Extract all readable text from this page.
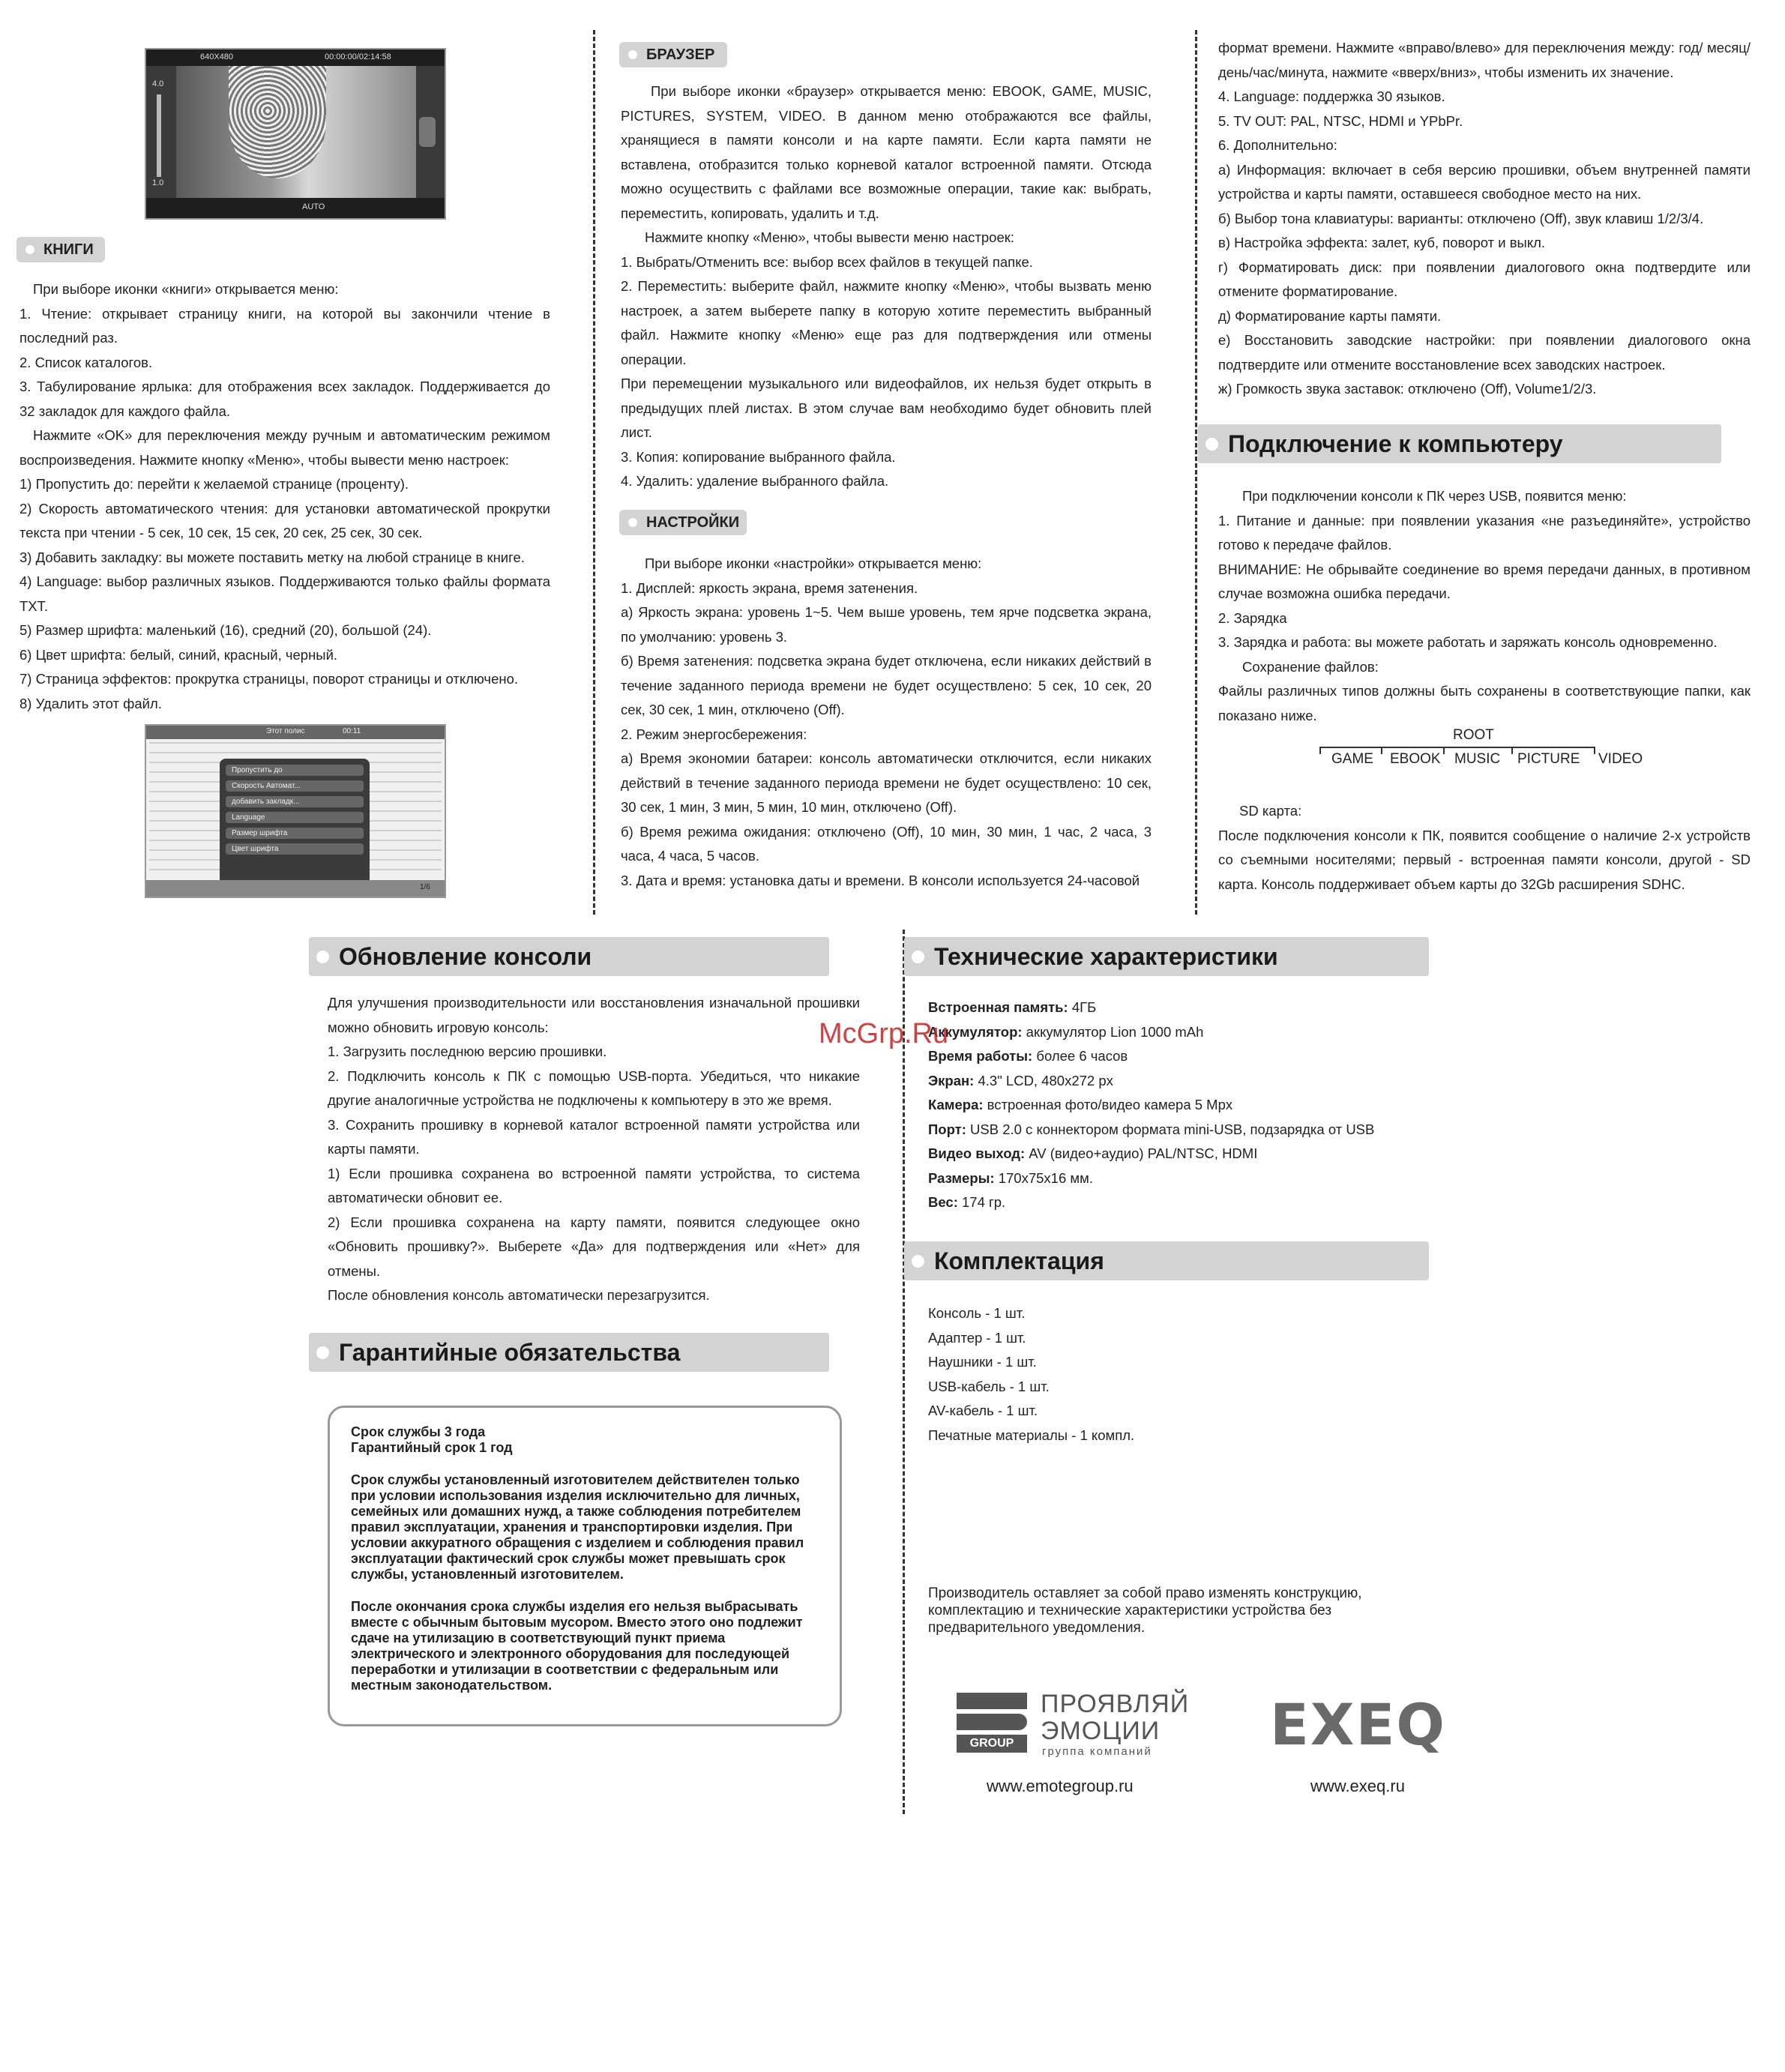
640X480	00:00:00/02:14:58
4.0
1.0
AUTO
КНИГИ
При выборе иконки «книги» открывается меню:
1. Чтение: открывает страницу книги, на которой вы закончили чтение в последний раз.
2. Список каталогов.
3. Табулирование ярлыка: для отображения всех закладок. Поддерживается до 32 закладок для каждого файла.
Нажмите «OK» для переключения между ручным и автоматическим режимом воспроизведения. Нажмите кнопку «Меню», чтобы вывести меню настроек:
1) Пропустить до: перейти к желаемой странице (проценту).
2) Скорость автоматического чтения: для установки автоматической прокрутки текста при чтении - 5 сек, 10 сек, 15 сек, 20 сек, 25 сек, 30 сек.
3) Добавить закладку: вы можете поставить метку на любой странице в книге.
4) Language: выбор различных языков. Поддерживаются только файлы формата TXT.
5) Размер шрифта: маленький (16), средний (20), большой (24).
6) Цвет шрифта: белый, синий, красный, черный.
7) Страница эффектов: прокрутка страницы, поворот страницы и отключено.
8) Удалить этот файл.
Этот полис	00:11
Пропустить до
Скорость Автомат...
добавить закладк...
Language
Размер шрифта
Цвет шрифта
1/6
БРАУЗЕР

При выборе иконки «браузер» открывается меню: EBOOK, GAME, MUSIC, PICTURES, SYSTEM, VIDEO. В данном меню отображаются все файлы, хранящиеся в памяти консоли и на карте памяти. Если карта памяти не вставлена, отобразится только корневой каталог встроенной памяти. Отсюда можно осуществить с файлами все возможные операции, такие как: выбрать, переместить, копировать, удалить и т.д.

Нажмите кнопку «Меню», чтобы вывести меню настроек:

1. Выбрать/Отменить все: выбор всех файлов в текущей папке.

2. Переместить: выберите файл, нажмите кнопку «Меню», чтобы вызвать меню настроек, а затем выберете папку в которую хотите переместить выбранный файл. Нажмите кнопку «Меню» еще раз для подтверждения или отмены операции.

При перемещении музыкального или видеофайлов, их нельзя будет открыть в предыдущих плей листах. В этом случае вам необходимо будет обновить плей лист.

3. Копия: копирование выбранного файла.

4. Удалить: удаление выбранного файла.

НАСТРОЙКИ
При выборе иконки «настройки» открывается меню:
1. Дисплей: яркость экрана, время затенения.
а) Яркость экрана: уровень 1~5. Чем выше уровень, тем ярче подсветка экрана, по умолчанию: уровень 3.
б) Время затенения: подсветка экрана будет отключена, если никаких действий в течение заданного периода времени не будет осуществлено: 5 сек, 10 сек, 20 сек, 30 сек, 1 мин, отключено (Off).
2. Режим энергосбережения:
а) Время экономии батареи: консоль автоматически отключится, если никаких действий в течение заданного периода времени не будет осуществлено: 10 сек, 30 сек, 1 мин, 3 мин, 5 мин, 10 мин, отключено (Off).
б) Время режима ожидания: отключено (Off), 10 мин, 30 мин, 1 час, 2 часа, 3 часа, 4 часа, 5 часов.
3. Дата и время: установка даты и времени. В консоли используется 24-часовой
формат времени. Нажмите «вправо/влево» для переключения между: год/ месяц/день/час/минута, нажмите «вверх/вниз», чтобы изменить их значение.
4. Language: поддержка 30 языков.
5. TV OUT: PAL, NTSC, HDMI и YPbPr.
6. Дополнительно:
а) Информация: включает в себя версию прошивки, объем внутренней памяти устройства и карты памяти, оставшееся свободное место на них.
б) Выбор тона клавиатуры: варианты: отключено (Off), звук клавиш 1/2/3/4.
в) Настройка эффекта: залет, куб, поворот и выкл.
г) Форматировать диск: при появлении диалогового окна подтвердите или отмените форматирование.
д) Форматирование карты памяти.
е) Восстановить заводские настройки: при появлении диалогового окна подтвердите или отмените восстановление всех заводских настроек.
ж) Громкость звука заставок: отключено (Off), Volume1/2/3.
Подключение к компьютеру
При подключении консоли к ПК через USB, появится меню:
1. Питание и данные: при появлении указания «не разъединяйте», устройство готово к передаче файлов.
ВНИМАНИЕ: Не обрывайте соединение во время передачи данных, в противном случае возможна ошибка передачи.
2. Зарядка
3. Зарядка и работа: вы можете работать и заряжать консоль одновременно.
Сохранение файлов:
Файлы различных типов должны быть сохранены в соответствующие папки, как показано ниже.
ROOT
GAME EBOOK MUSIC PICTURE VIDEO
SD карта:
После подключения консоли к ПК, появится сообщение о наличие 2-х устройств со съемными носителями; первый - встроенная памяти консоли, другой - SD карта. Консоль поддерживает объем карты до 32Gb расширения SDHC.
Обновление консоли
Для улучшения производительности или восстановления изначальной прошивки можно обновить игровую консоль:
1. Загрузить последнюю версию прошивки.
2. Подключить консоль к ПК с помощью USB-порта. Убедиться, что никакие другие аналогичные устройства не подключены к компьютеру в это же время.
3. Сохранить прошивку в корневой каталог встроенной памяти устройства или карты памяти.
1) Если прошивка сохранена во встроенной памяти устройства, то система автоматически обновит ее.
2) Если прошивка сохранена на карту памяти, появится следующее окно «Обновить прошивку?». Выберете «Да» для подтверждения или «Нет» для отмены.
После обновления консоль автоматически перезагрузится.
Гарантийные обязательства
Срок службы 3 года

Гарантийный срок 1 год

Срок службы установленный изготовителем действителен только при условии использования изделия исключительно для личных, семейных или домашних нужд, а также соблюдения потребителем правил эксплуатации, хранения и транспортировки изделия. При условии аккуратного обращения с изделием и соблюдения правил эксплуатации фактический срок службы может превышать срок службы, установленный изготовителем.

После окончания срока службы изделия его нельзя выбрасывать вместе с обычным бытовым мусором. Вместо этого оно подлежит сдаче на утилизацию в соответствующий пункт приема электрического и электронного оборудования для последующей переработки и утилизации в соответствии с федеральным или местным законодательством.

Технические характеристики
Встроенная память: 4ГБ
Аккумулятор: аккумулятор Lion 1000 mAh
Время работы: более 6 часов
Экран: 4.3" LCD, 480x272 px
Камера: встроенная фото/видео камера 5 Mpx
Порт: USB 2.0 с коннектором формата mini-USB, подзарядка от USB
Видео выход: AV (видео+аудио) PAL/NTSC, HDMI
Размеры: 170x75x16 мм.
Вес: 174 гр.
McGrp.Ru
Комплектация
Консоль - 1 шт.
Адаптер - 1 шт.
Наушники - 1 шт.
USB-кабель - 1 шт.
AV-кабель - 1 шт.
Печатные материалы - 1 компл.
Производитель оставляет за собой право изменять конструкцию, комплектацию и технические характеристики устройства без предварительного уведомления.
GROUP
ПРОЯВЛЯЙ
ЭМОЦИИ
группа компаний
www.emotegroup.ru
EXEQ
www.exeq.ru
